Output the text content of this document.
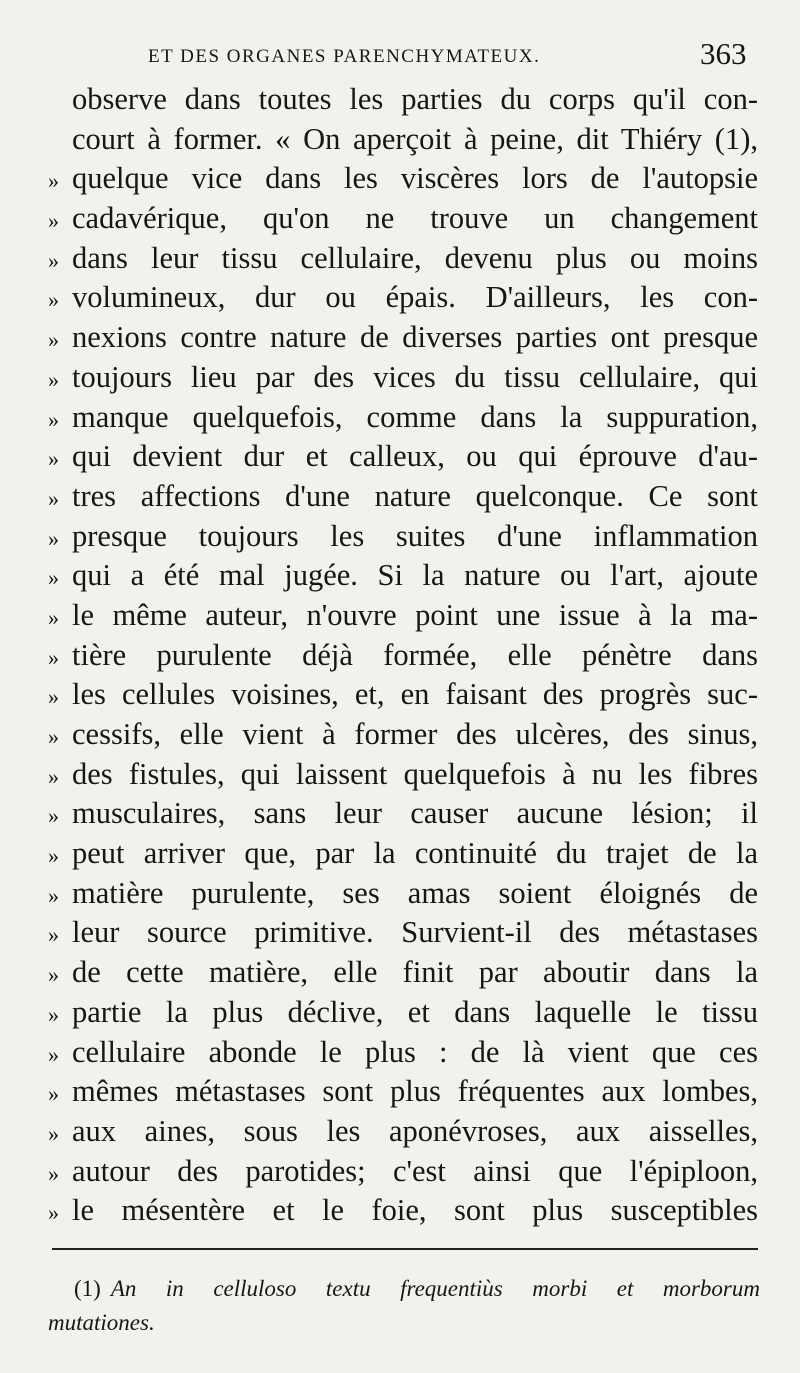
ET DES ORGANES PARENCHYMATEUX.	363
observe dans toutes les parties du corps qu'il con-
court à former. « On aperçoit à peine, dit Thiéry (1),
» quelque vice dans les viscères lors de l'autopsie
» cadavérique, qu'on ne trouve un changement
» dans leur tissu cellulaire, devenu plus ou moins
» volumineux, dur ou épais. D'ailleurs, les con-
» nexions contre nature de diverses parties ont presque
» toujours lieu par des vices du tissu cellulaire, qui
» manque quelquefois, comme dans la suppuration,
» qui devient dur et calleux, ou qui éprouve d'au-
» tres affections d'une nature quelconque. Ce sont
» presque toujours les suites d'une inflammation
» qui a été mal jugée. Si la nature ou l'art, ajoute
» le même auteur, n'ouvre point une issue à la ma-
» tière purulente déjà formée, elle pénètre dans
» les cellules voisines, et, en faisant des progrès suc-
» cessifs, elle vient à former des ulcères, des sinus,
» des fistules, qui laissent quelquefois à nu les fibres
» musculaires, sans leur causer aucune lésion; il
» peut arriver que, par la continuité du trajet de la
» matière purulente, ses amas soient éloignés de
» leur source primitive. Survient-il des métastases
» de cette matière, elle finit par aboutir dans la
» partie la plus déclive, et dans laquelle le tissu
» cellulaire abonde le plus : de là vient que ces
» mêmes métastases sont plus fréquentes aux lombes,
» aux aines, sous les aponévroses, aux aisselles,
» autour des parotides; c'est ainsi que l'épiploon,
» le mésentère et le foie, sont plus susceptibles
(1) An in celluloso textu frequentiùs morbi et morborum
mutationes.
